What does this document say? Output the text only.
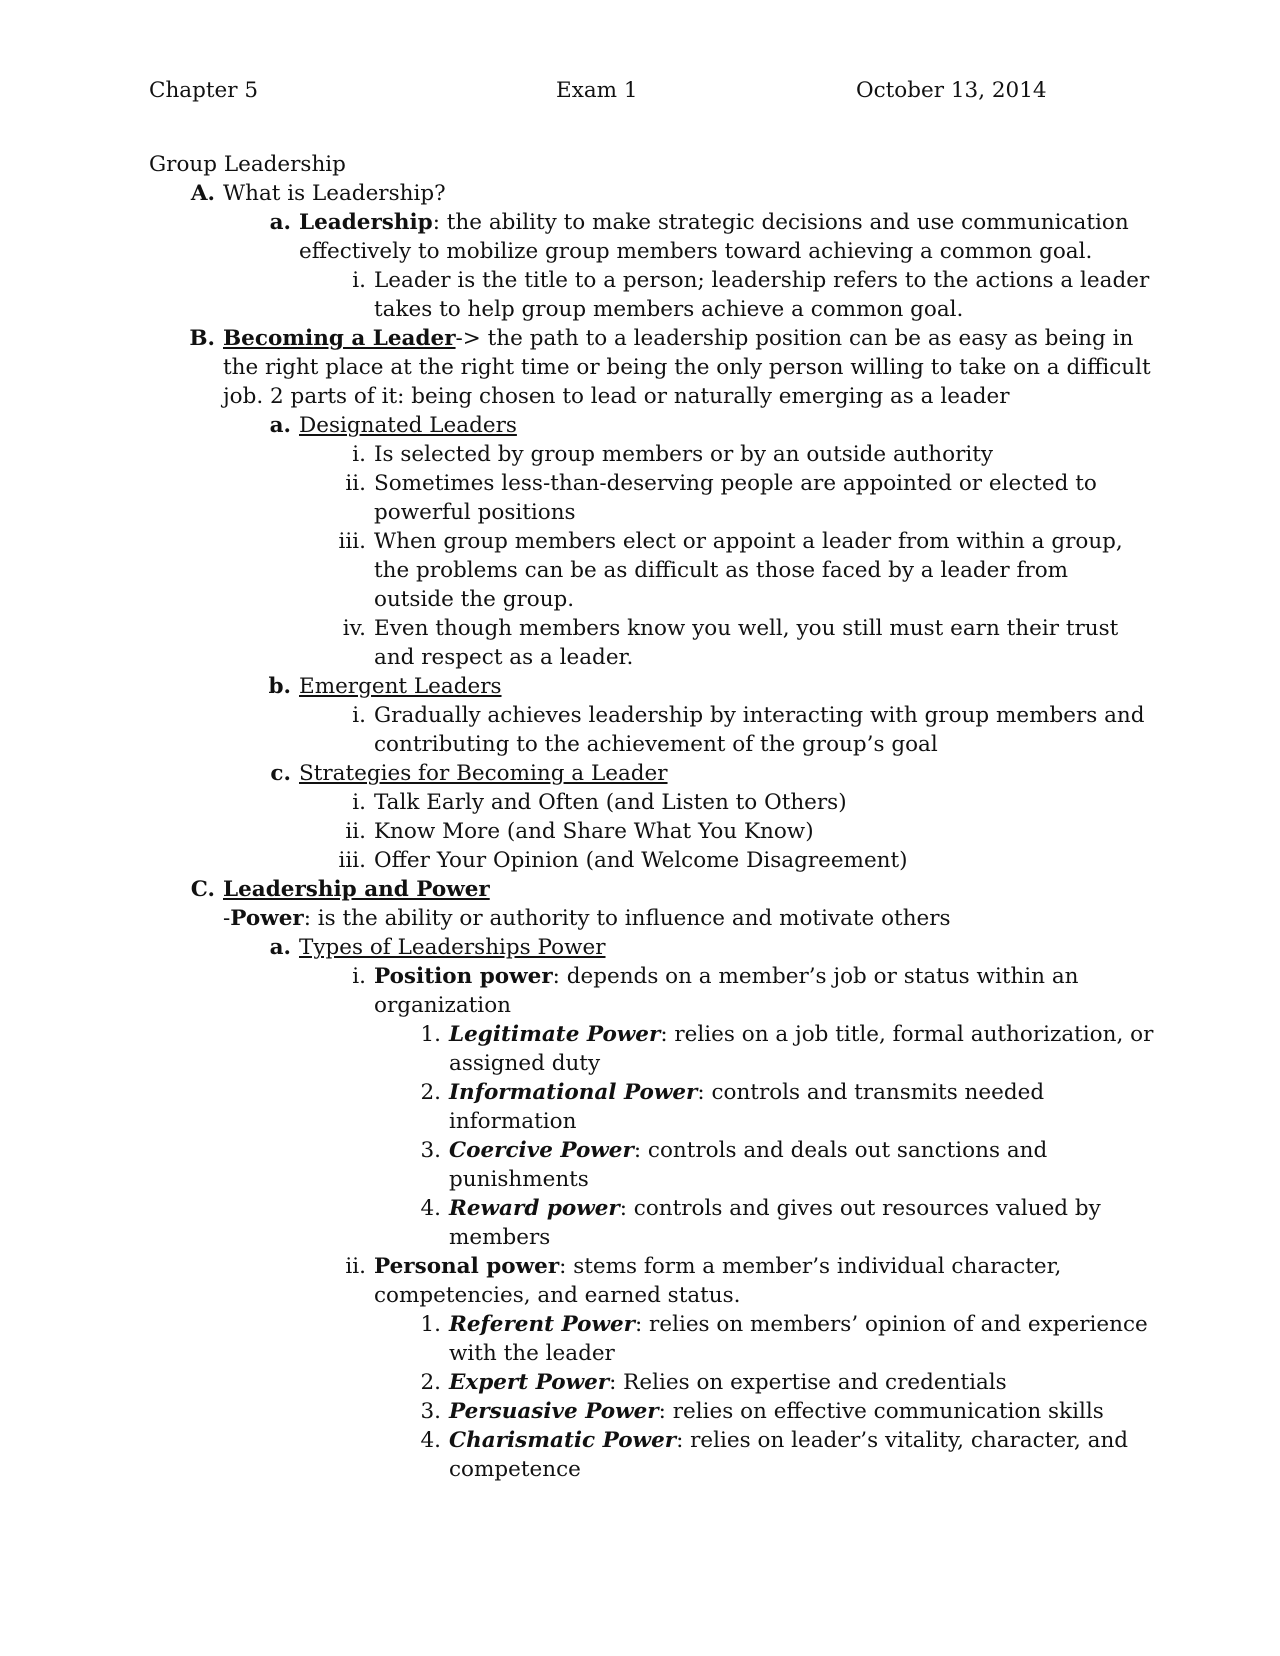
Chapter 5	Exam 1	October 13, 2014
Group Leadership
A. What is Leadership?
a. Leadership: the ability to make strategic decisions and use communication
effectively to mobilize group members toward achieving a common goal.
i. Leader is the title to a person; leadership refers to the actions a leader
takes to help group members achieve a common goal.
B. Becoming a Leader-> the path to a leadership position can be as easy as being in
the right place at the right time or being the only person willing to take on a difficult
job. 2 parts of it: being chosen to lead or naturally emerging as a leader
a. Designated Leaders
i. Is selected by group members or by an outside authority
ii. Sometimes less-than-deserving people are appointed or elected to
powerful positions
iii. When group members elect or appoint a leader from within a group,
the problems can be as difficult as those faced by a leader from
outside the group.
iv. Even though members know you well, you still must earn their trust
and respect as a leader.
b. Emergent Leaders
i. Gradually achieves leadership by interacting with group members and
contributing to the achievement of the group’s goal
c. Strategies for Becoming a Leader
i. Talk Early and Often (and Listen to Others)
ii. Know More (and Share What You Know)
iii. Offer Your Opinion (and Welcome Disagreement)
C. Leadership and Power
-Power: is the ability or authority to influence and motivate others
a. Types of Leaderships Power
i. Position power: depends on a member’s job or status within an
organization
1. Legitimate Power: relies on a job title, formal authorization, or
assigned duty
2. Informational Power: controls and transmits needed
information
3. Coercive Power: controls and deals out sanctions and
punishments
4. Reward power: controls and gives out resources valued by
members
ii. Personal power: stems form a member’s individual character,
competencies, and earned status.
1. Referent Power: relies on members’ opinion of and experience
with the leader
2. Expert Power: Relies on expertise and credentials
3. Persuasive Power: relies on effective communication skills
4. Charismatic Power: relies on leader’s vitality, character, and
competence
